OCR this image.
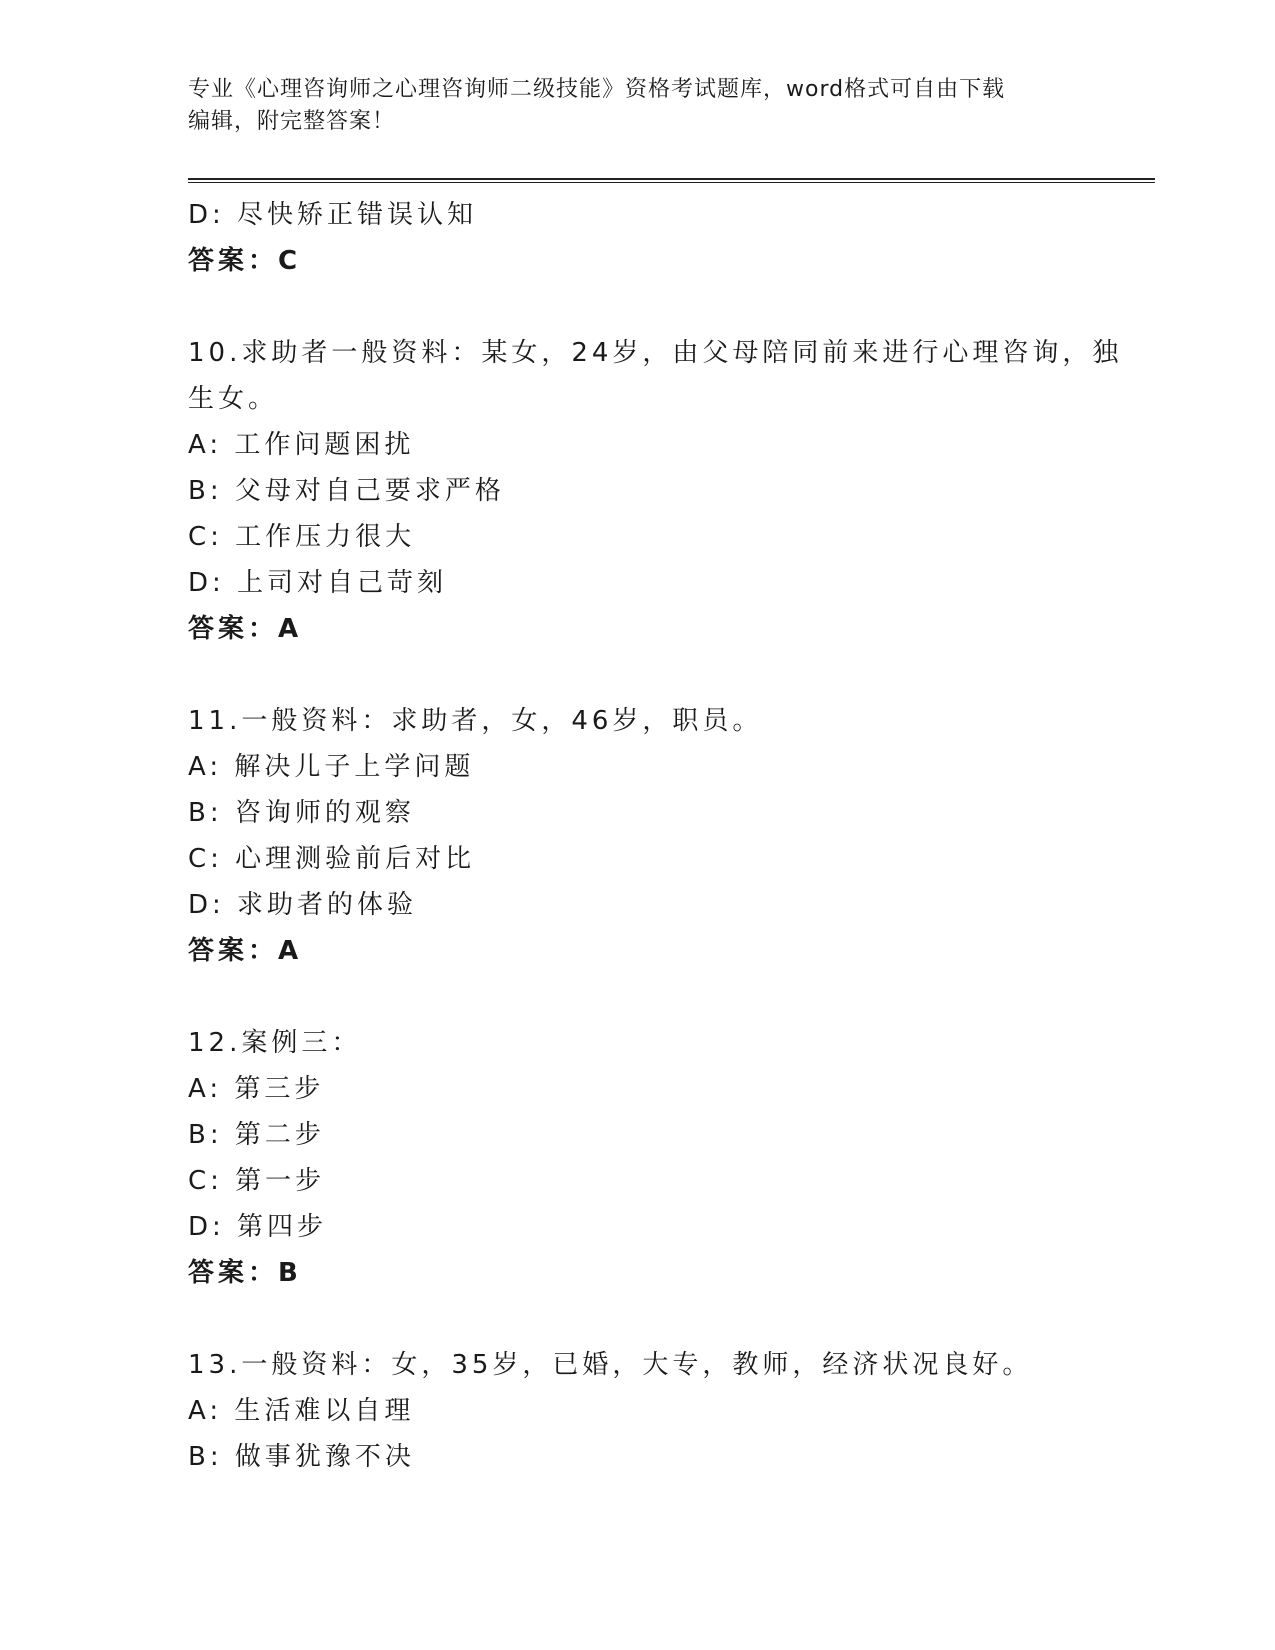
专业《心理咨询师之心理咨询师二级技能》资格考试题库，word格式可自由下载
编辑，附完整答案！
D: 尽快矫正错误认知
答案：C
10.求助者一般资料：某女，24岁，由父母陪同前来进行心理咨询，独
生女。
A: 工作问题困扰
B: 父母对自己要求严格
C: 工作压力很大
D: 上司对自己苛刻
答案：A
11.一般资料：求助者，女，46岁，职员。
A: 解决儿子上学问题
B: 咨询师的观察
C: 心理测验前后对比
D: 求助者的体验
答案：A
12.案例三：
A: 第三步
B: 第二步
C: 第一步
D: 第四步
答案：B
13.一般资料：女，35岁，已婚，大专，教师，经济状况良好。
A: 生活难以自理
B: 做事犹豫不决
